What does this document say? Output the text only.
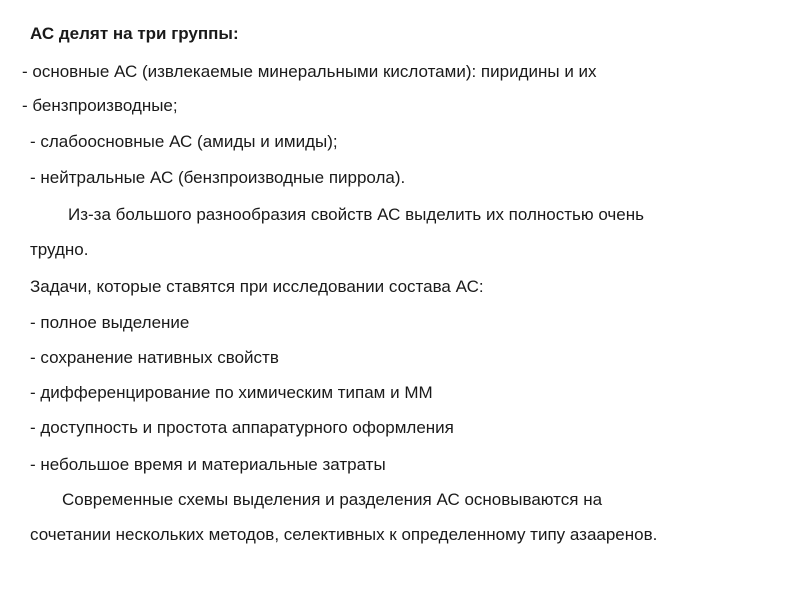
АС делят на три группы:
- основные АС (извлекаемые минеральными кислотами): пиридины и их
- бензпроизводные;
- слабоосновные АС (амиды и имиды);
- нейтральные АС (бензпроизводные пиррола).
Из-за большого разнообразия свойств АС выделить их полностью очень
трудно.
Задачи, которые ставятся при исследовании состава АС:
- полное выделение
- сохранение нативных свойств
- дифференцирование по химическим типам и ММ
- доступность и простота аппаратурного оформления
- небольшое время и материальные затраты
Современные схемы выделения и разделения АС основываются на
сочетании нескольких методов, селективных к определенному типу азааренов.
